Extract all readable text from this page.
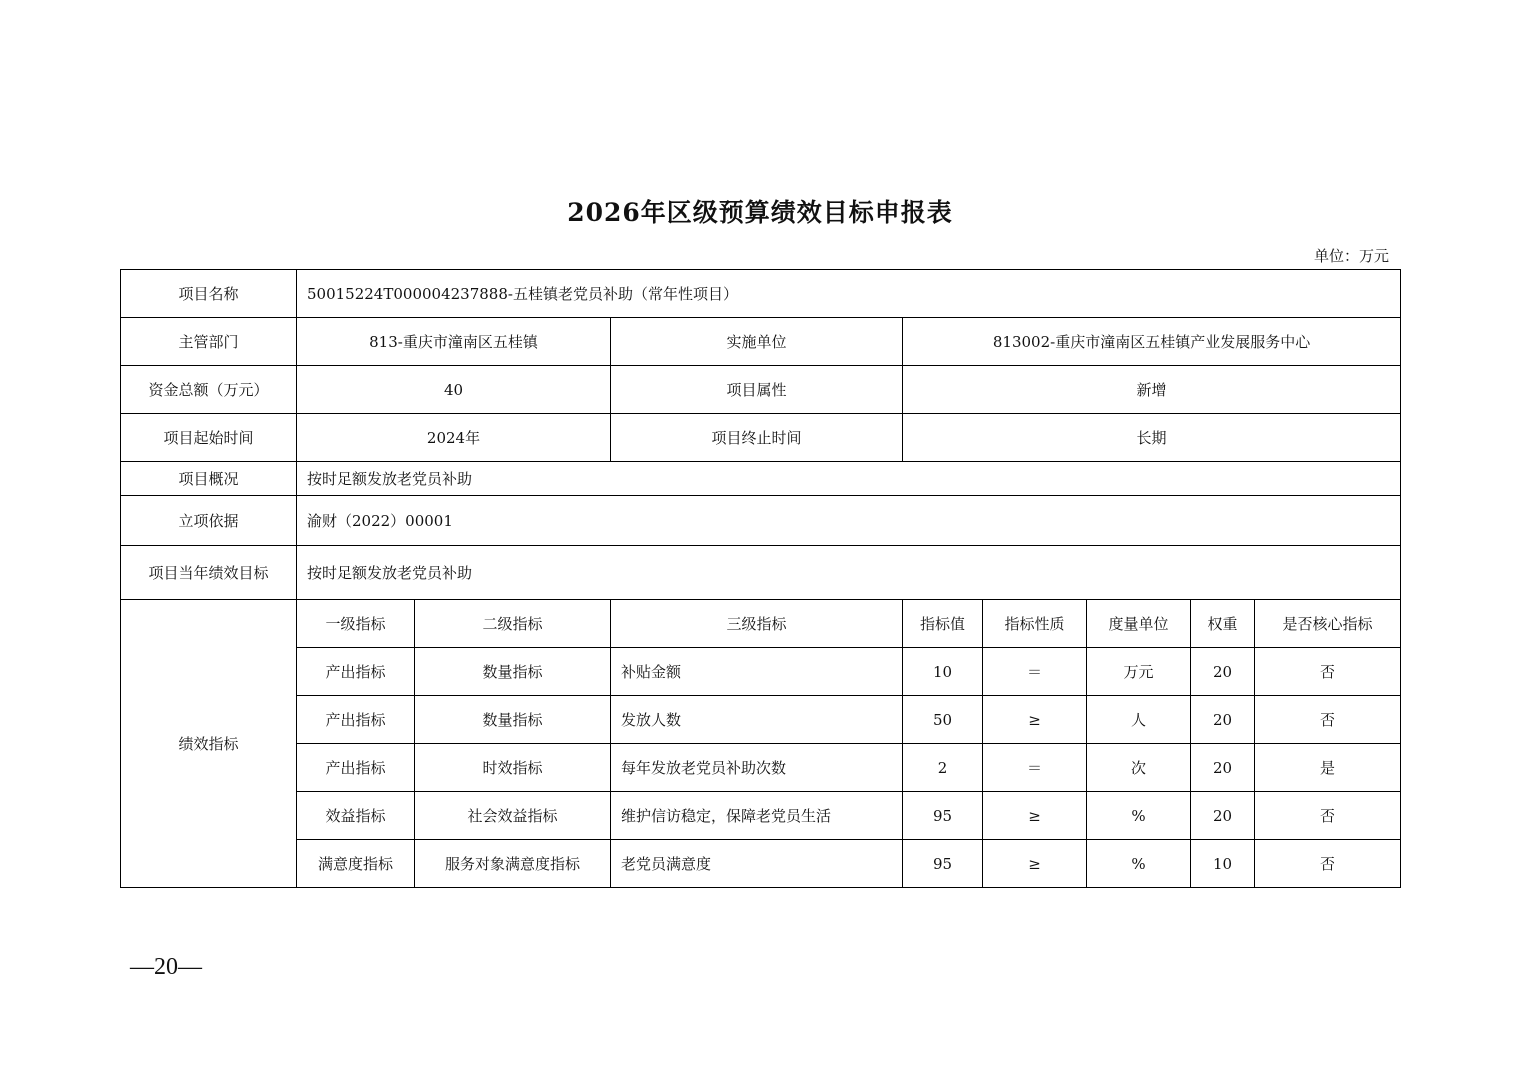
2026年区级预算绩效目标申报表
单位：万元
项目名称	50015224T000004237888-五桂镇老党员补助（常年性项目）							
主管部门	813-重庆市潼南区五桂镇		实施单位	813002-重庆市潼南区五桂镇产业发展服务中心				
资金总额（万元）	40		项目属性	新增				
项目起始时间	2024年		项目终止时间	长期				
项目概况	按时足额发放老党员补助							
立项依据	渝财（2022）00001							
项目当年绩效目标	按时足额发放老党员补助							
绩效指标	一级指标	二级指标	三级指标	指标值	指标性质	度量单位	权重	是否核心指标
	产出指标	数量指标	补贴金额	10	＝	万元	20	否
	产出指标	数量指标	发放人数	50	≥	人	20	否
	产出指标	时效指标	每年发放老党员补助次数	2	＝	次	20	是
	效益指标	社会效益指标	维护信访稳定，保障老党员生活	95	≥	%	20	否
	满意度指标	服务对象满意度指标	老党员满意度	95	≥	%	10	否
—20—
